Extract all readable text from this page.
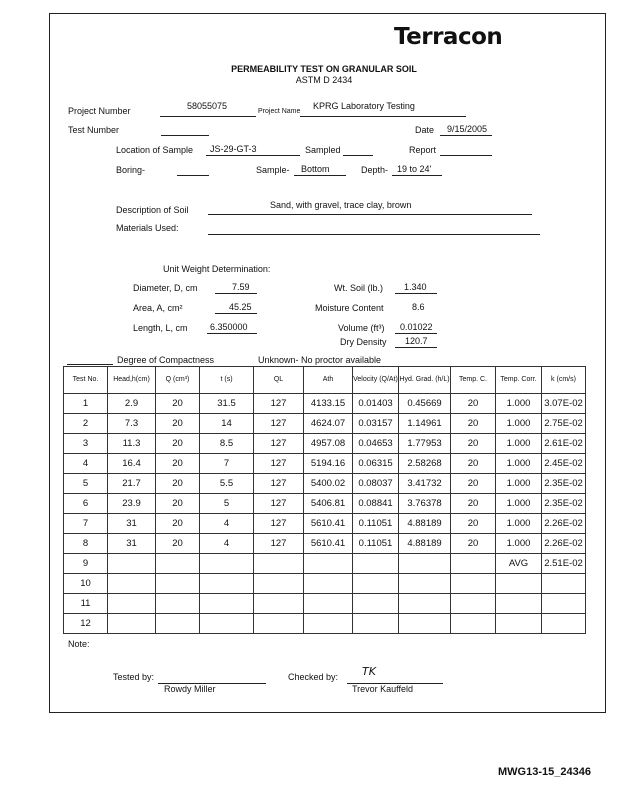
Terracon
PERMEABILITY TEST ON GRANULAR SOIL
ASTM D 2434
Project Number	58055075
Project Name
KPRG Laboratory Testing
Test Number	Date 9/15/2005
Location of Sample JS-29-GT-3	Sampled	Report
Boring-	Sample- Bottom	Depth- 19 to 24'
Description of Soil	Sand, with gravel, trace clay, brown
Materials Used:
Unit Weight Determination:
Diameter, D, cm	7.59
Area, A, cm²	45.25
Length, L, cm 6.350000
Wt. Soil (lb.) 1.340
Moisture Content	8.6
Volume (ft³) 0.01022
Dry Density 120.7
Degree of Compactness	Unknown- No proctor available
Test No.	Head,h(cm)	Q (cm³)	t (s)	QL	Ath	Velocity (Q/At)	Hyd. Grad. (h/L)	Temp. C.	Temp. Corr.	k (cm/s)
1	2.9	20	31.5	127	4133.15	0.01403	0.45669	20	1.000	3.07E-02
2	7.3	20	14	127	4624.07	0.03157	1.14961	20	1.000	2.75E-02
3	11.3	20	8.5	127	4957.08	0.04653	1.77953	20	1.000	2.61E-02
4	16.4	20	7	127	5194.16	0.06315	2.58268	20	1.000	2.45E-02
5	21.7	20	5.5	127	5400.02	0.08037	3.41732	20	1.000	2.35E-02
6	23.9	20	5	127	5406.81	0.08841	3.76378	20	1.000	2.35E-02
7	31	20	4	127	5610.41	0.11051	4.88189	20	1.000	2.26E-02
8	31	20	4	127	5610.41	0.11051	4.88189	20	1.000	2.26E-02
9									AVG	2.51E-02
10										
11										
12										
Note:
Tested by:
Rowdy Miller
Checked by: TK
Trevor Kauffeld
MWG13-15_24346
